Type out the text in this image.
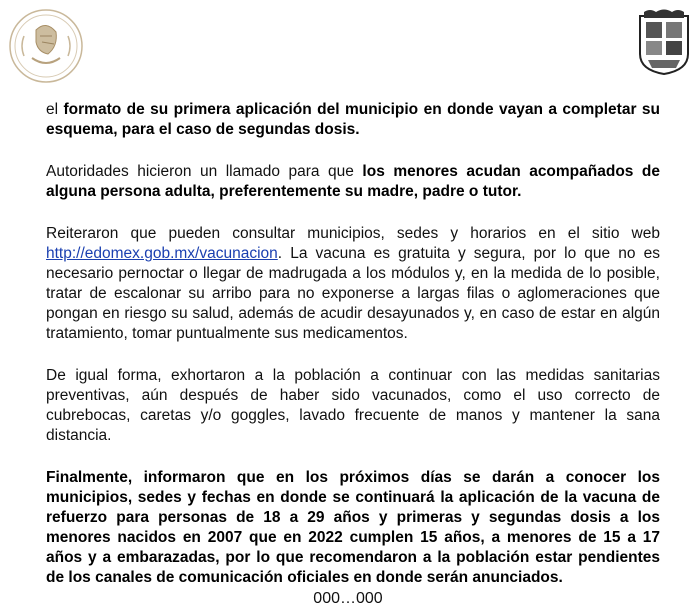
el formato de su primera aplicación del municipio en donde vayan a completar su esquema, para el caso de segundas dosis.

Autoridades hicieron un llamado para que los menores acudan acompañados de alguna persona adulta, preferentemente su madre, padre o tutor.

Reiteraron que pueden consultar municipios, sedes y horarios en el sitio web http://edomex.gob.mx/vacunacion. La vacuna es gratuita y segura, por lo que no es necesario pernoctar o llegar de madrugada a los módulos y, en la medida de lo posible, tratar de escalonar su arribo para no exponerse a largas filas o aglomeraciones que pongan en riesgo su salud, además de acudir desayunados y, en caso de estar en algún tratamiento, tomar puntualmente sus medicamentos.

De igual forma, exhortaron a la población a continuar con las medidas sanitarias preventivas, aún después de haber sido vacunados, como el uso correcto de cubrebocas, caretas y/o goggles, lavado frecuente de manos y mantener la sana distancia.

Finalmente, informaron que en los próximos días se darán a conocer los municipios, sedes y fechas en donde se continuará la aplicación de la vacuna de refuerzo para personas de 18 a 29 años y primeras y segundas dosis a los menores nacidos en 2007 que en 2022 cumplen 15 años, a menores de 15 a 17 años y a embarazadas, por lo que recomendaron a la población estar pendientes de los canales de comunicación oficiales en donde serán anunciados.

000…000
